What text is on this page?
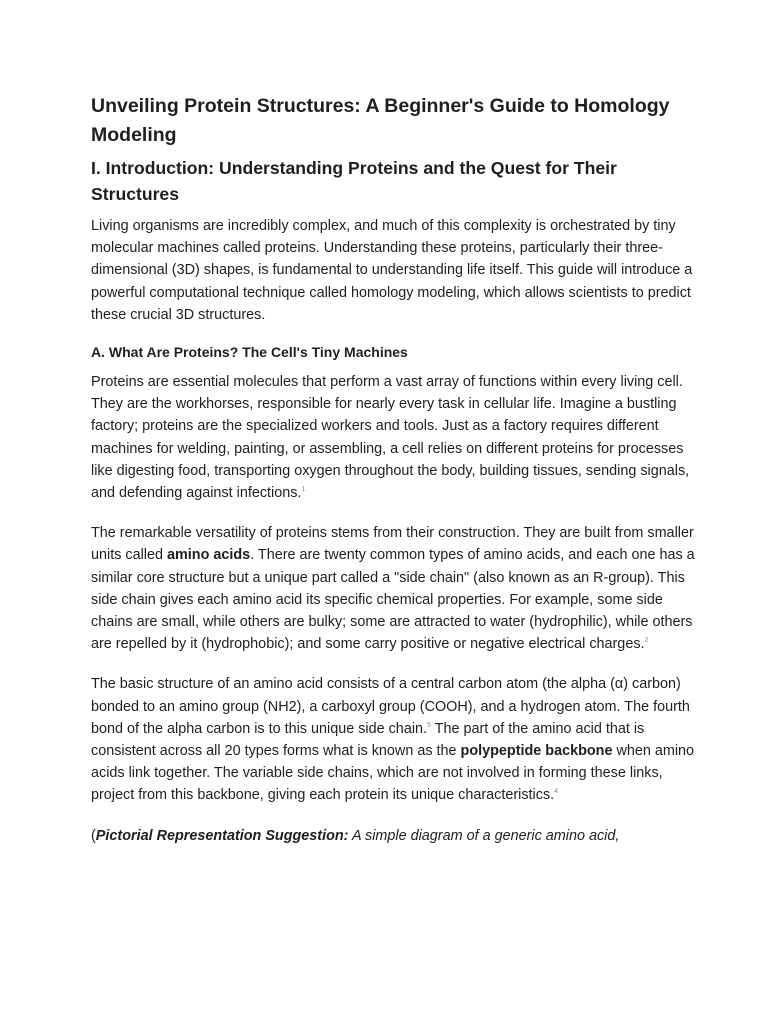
Unveiling Protein Structures: A Beginner's Guide to Homology Modeling
I. Introduction: Understanding Proteins and the Quest for Their Structures

Living organisms are incredibly complex, and much of this complexity is orchestrated by tiny molecular machines called proteins. Understanding these proteins, particularly their three-dimensional (3D) shapes, is fundamental to understanding life itself. This guide will introduce a powerful computational technique called homology modeling, which allows scientists to predict these crucial 3D structures.

A. What Are Proteins? The Cell's Tiny Machines

Proteins are essential molecules that perform a vast array of functions within every living cell. They are the workhorses, responsible for nearly every task in cellular life. Imagine a bustling factory; proteins are the specialized workers and tools. Just as a factory requires different machines for welding, painting, or assembling, a cell relies on different proteins for processes like digesting food, transporting oxygen throughout the body, building tissues, sending signals, and defending against infections.$^1$

The remarkable versatility of proteins stems from their construction. They are built from smaller units called amino acids. There are twenty common types of amino acids, and each one has a similar core structure but a unique part called a "side chain" (also known as an R-group). This side chain gives each amino acid its specific chemical properties. For example, some side chains are small, while others are bulky; some are attracted to water (hydrophilic), while others are repelled by it (hydrophobic); and some carry positive or negative electrical charges.$^2$

The basic structure of an amino acid consists of a central carbon atom (the alpha (α) carbon) bonded to an amino group (NH2), a carboxyl group (COOH), and a hydrogen atom. The fourth bond of the alpha carbon is to this unique side chain.$^5$ The part of the amino acid that is consistent across all 20 types forms what is known as the polypeptide backbone when amino acids link together. The variable side chains, which are not involved in forming these links, project from this backbone, giving each protein its unique characteristics.$^4$

(Pictorial Representation Suggestion: A simple diagram of a generic amino acid,
